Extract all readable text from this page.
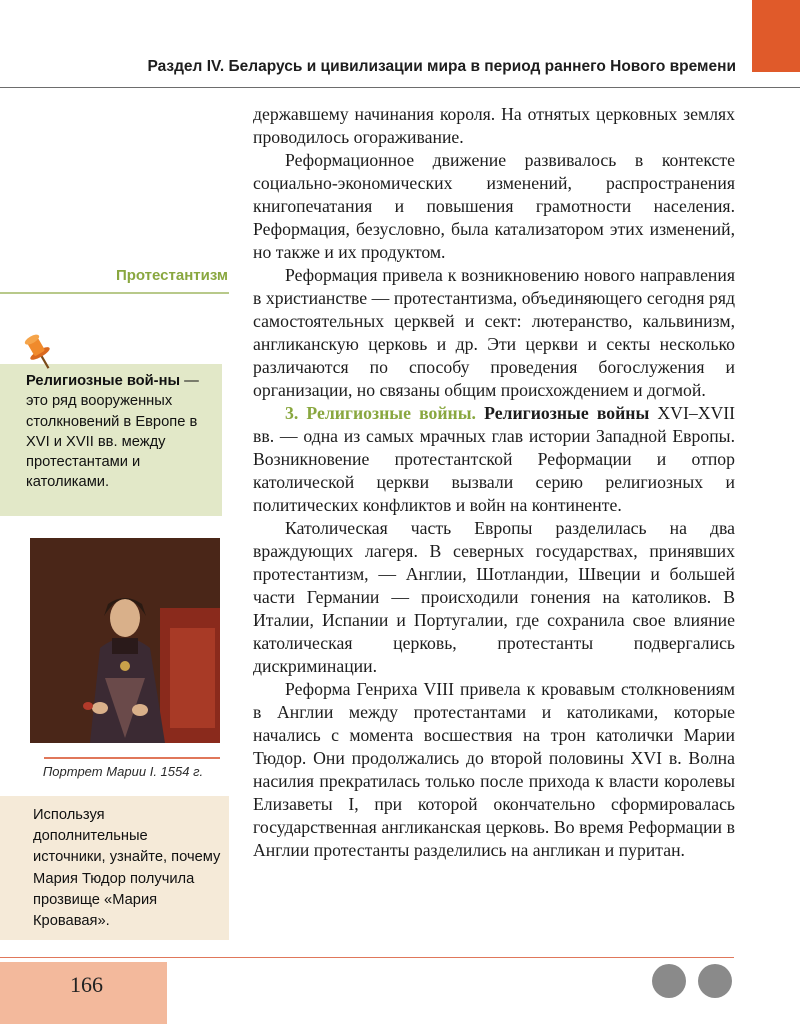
Раздел IV. Беларусь и цивилизации мира в период раннего Нового времени

державшему начинания короля. На отнятых церковных землях проводилось огораживание.

Реформационное движение развивалось в контексте социально-экономических изменений, распространения книгопечатания и повышения грамотности населения. Реформация, безусловно, была катализатором этих изменений, но также и их продуктом.

Реформация привела к возникновению нового направления в христианстве — протестантизма, объединяющего сегодня ряд самостоятельных церквей и сект: лютеранство, кальвинизм, англиканскую церковь и др. Эти церкви и секты несколько различаются по способу проведения богослужения и организации, но связаны общим происхождением и догмой.

3. Религиозные войны. Религиозные войны XVI–XVII вв. — одна из самых мрачных глав истории Западной Европы. Возникновение протестантской Реформации и отпор католической церкви вызвали серию религиозных и политических конфликтов и войн на континенте.

Католическая часть Европы разделилась на два враждующих лагеря. В северных государствах, принявших протестантизм, — Англии, Шотландии, Швеции и большей части Германии — происходили гонения на католиков. В Италии, Испании и Португалии, где сохранила свое влияние католическая церковь, протестанты подвергались дискриминации.

Реформа Генриха VIII привела к кровавым столкновениям в Англии между протестантами и католиками, которые начались с момента восшествия на трон католички Марии Тюдор. Они продолжались до второй половины XVI в. Волна насилия прекратилась только после прихода к власти королевы Елизаветы I, при которой окончательно сформировалась государственная англиканская церковь. Во время Реформации в Англии протестанты разделились на англикан и пуритан.

Протестантизм
Религиозные вой-ны — это ряд вооруженных столкновений в Европе в XVI и XVII вв. между протестантами и католиками.
Портрет Марии I. 1554 г.
Используя дополнительные источники, узнайте, почему Мария Тюдор получила прозвище «Мария Кровавая».
166
